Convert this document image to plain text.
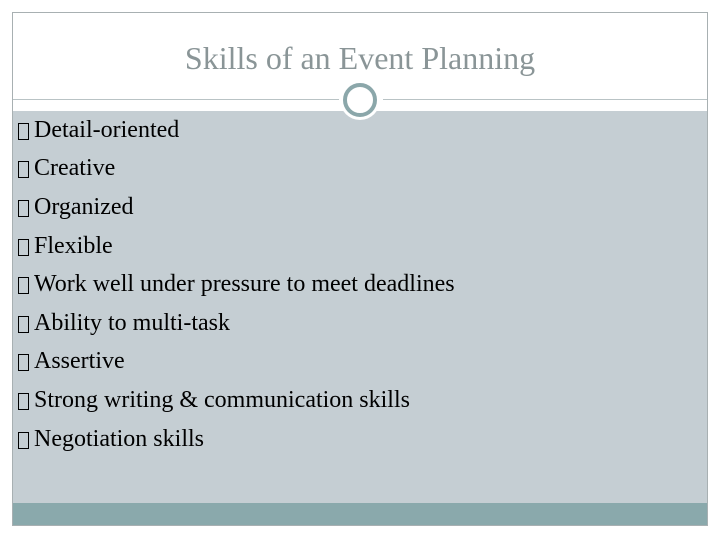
Skills of an Event Planning
Detail-oriented
Creative
Organized
Flexible
Work well under pressure to meet deadlines
Ability to multi-task
Assertive
Strong writing & communication skills
Negotiation skills
